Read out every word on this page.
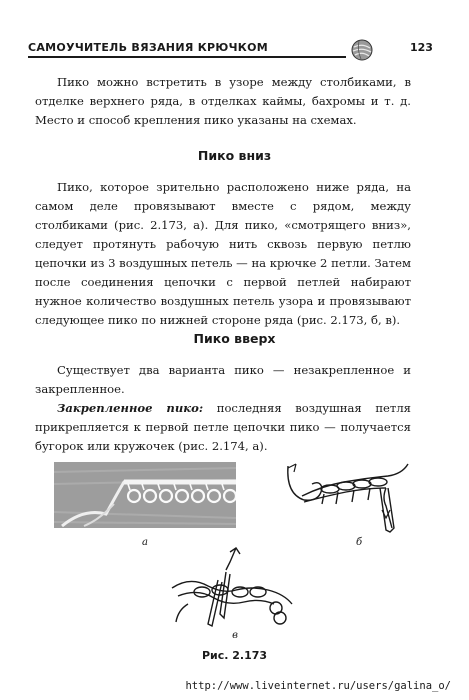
САМОУЧИТЕЛЬ ВЯЗАНИЯ КРЮЧКОМ	123

Пико можно встретить в узоре между столбиками, в отделке верхнего ряда, в отделках каймы, бахромы и т. д. Место и способ крепления пико указаны на схемах.

Пико вниз

Пико, которое зрительно расположено ниже ряда, на самом деле провязывают вместе с рядом, между столбиками (рис. 2.173, а). Для пико, «смотрящего вниз», следует протянуть рабочую нить сквозь первую петлю цепочки из 3 воздушных петель — на крючке 2 петли. Затем после соединения цепочки с первой петлей набирают нужное количество воздушных петель узора и провязывают следующее пико по нижней стороне ряда (рис. 2.173, б, в).

Пико вверх

Существует два варианта пико — незакрепленное и закрепленное.

Закрепленное пико: последняя воздушная петля прикрепляется к первой петле цепочки пико — получается бугорок или кружочек (рис. 2.174, а).

а	б
в
Рис. 2.173
http://www.liveinternet.ru/users/galina_o/
